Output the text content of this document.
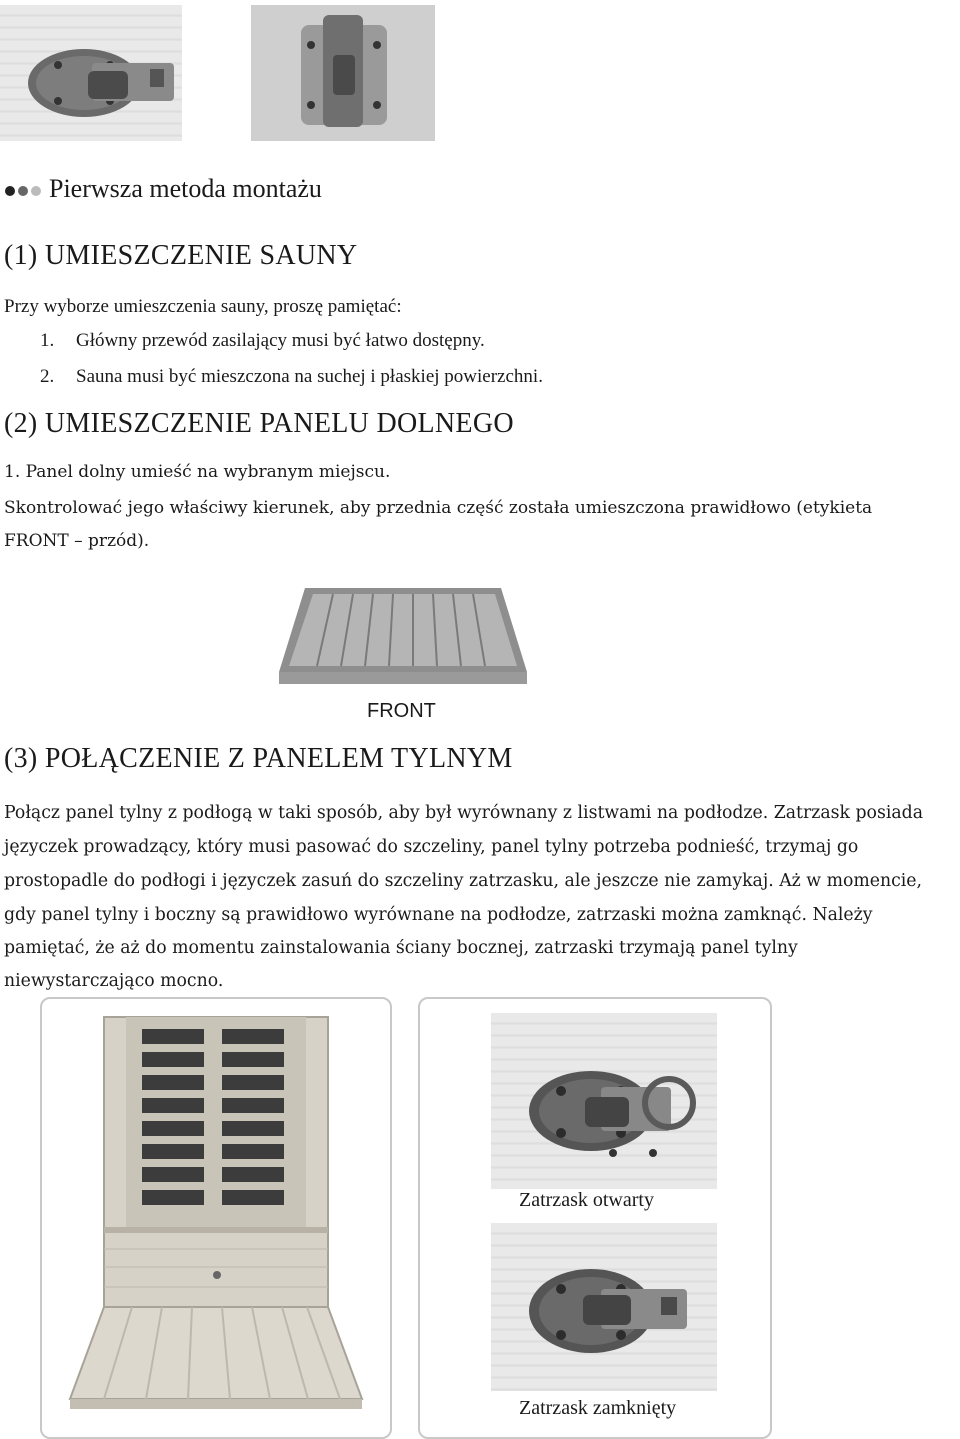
Pierwsza metoda montażu
(1) UMIESZCZENIE SAUNY
Przy wyborze umieszczenia sauny, proszę pamiętać:
1. Główny przewód zasilający musi być łatwo dostępny.
2. Sauna musi być mieszczona na suchej i płaskiej powierzchni.
(2) UMIESZCZENIE PANELU DOLNEGO
1. Panel dolny umieść na wybranym miejscu.
Skontrolować jego właściwy kierunek, aby przednia część została umieszczona prawidłowo (etykieta
FRONT – przód).
FRONT
(3) POŁĄCZENIE Z PANELEM TYLNYM
Połącz panel tylny z podłogą w taki sposób, aby był wyrównany z listwami na podłodze. Zatrzask posiada
języczek prowadzący, który musi pasować do szczeliny, panel tylny potrzeba podnieść, trzymaj go
prostopadle do podłogi i języczek zasuń do szczeliny zatrzasku, ale jeszcze nie zamykaj. Aż w momencie,
gdy panel tylny i boczny są prawidłowo wyrównane na podłodze, zatrzaski można zamknąć. Należy
pamiętać, że aż do momentu zainstalowania ściany bocznej, zatrzaski trzymają panel tylny
niewystarczająco mocno.
Zatrzask otwarty
Zatrzask zamknięty
